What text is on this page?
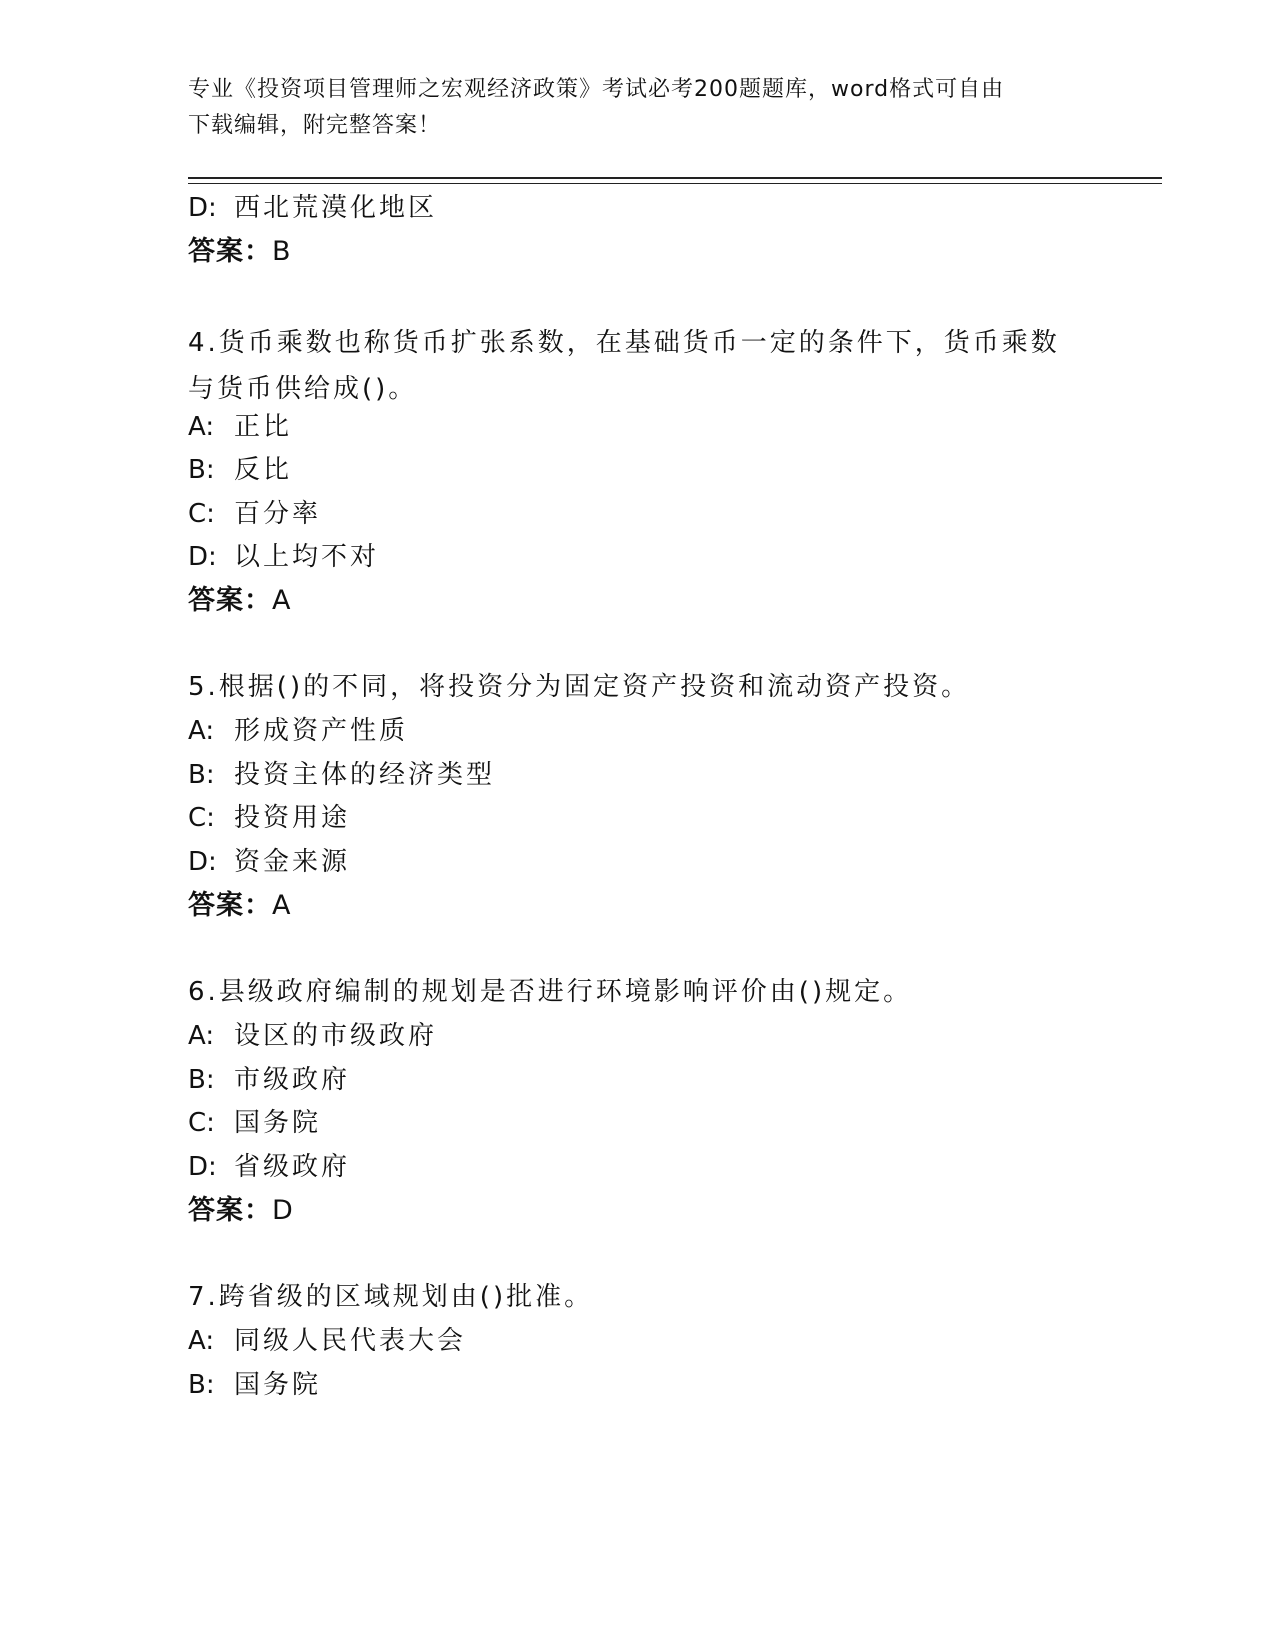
专业《投资项目管理师之宏观经济政策》考试必考200题题库，word格式可自由
下载编辑，附完整答案！
D: 西北荒漠化地区
答案：B
4.货币乘数也称货币扩张系数，在基础货币一定的条件下，货币乘数
与货币供给成()。
A: 正比
B: 反比
C: 百分率
D: 以上均不对
答案：A
5.根据()的不同，将投资分为固定资产投资和流动资产投资。
A: 形成资产性质
B: 投资主体的经济类型
C: 投资用途
D: 资金来源
答案：A
6.县级政府编制的规划是否进行环境影响评价由()规定。
A: 设区的市级政府
B: 市级政府
C: 国务院
D: 省级政府
答案：D
7.跨省级的区域规划由()批准。
A: 同级人民代表大会
B: 国务院
